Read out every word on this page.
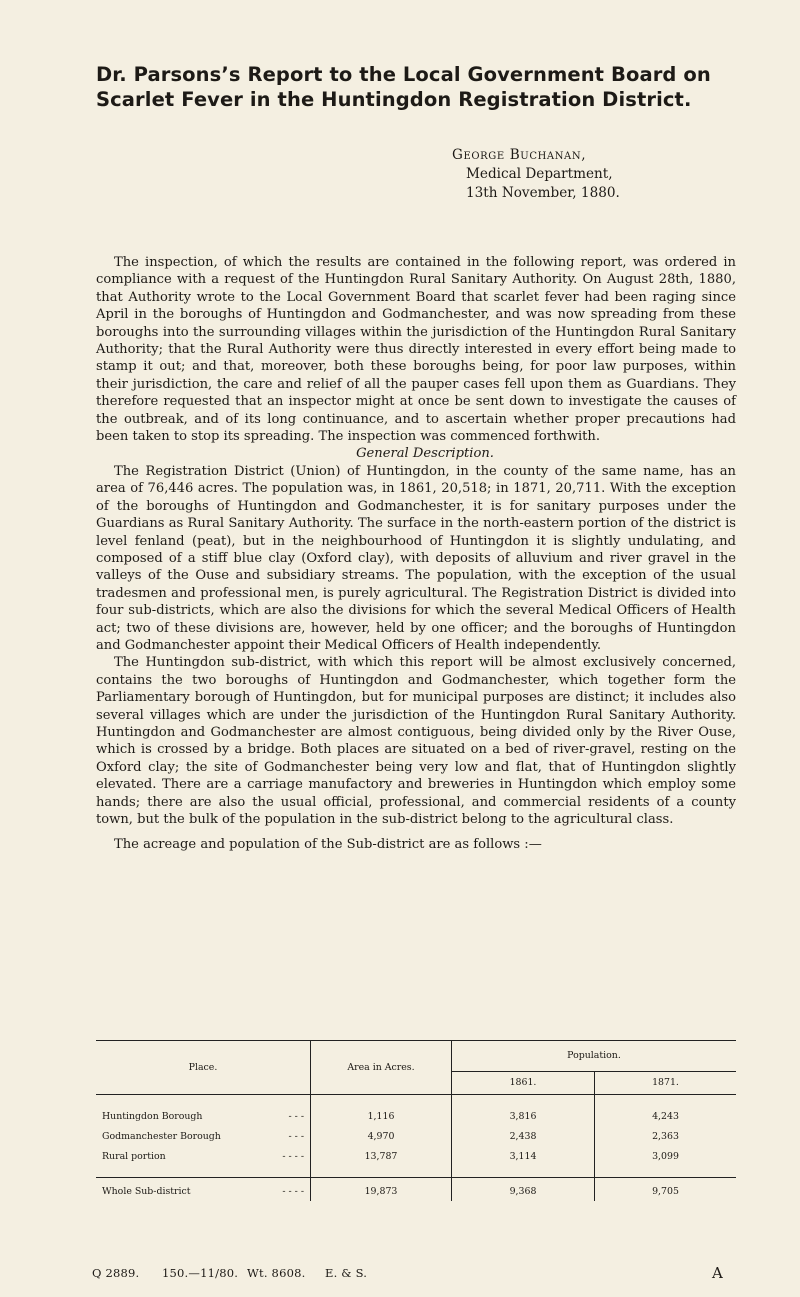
Dr. Parsons’s Report to the Local Government Board on
Scarlet Fever in the Huntingdon Registration District.
George Buchanan,
Medical Department,
13th November, 1880.

The inspection, of which the results are contained in the following report, was ordered in compliance with a request of the Huntingdon Rural Sanitary Authority. On August 28th, 1880, that Authority wrote to the Local Government Board that scarlet fever had been raging since April in the boroughs of Huntingdon and Godmanchester, and was now spreading from these boroughs into the surrounding villages within the jurisdiction of the Huntingdon Rural Sanitary Authority; that the Rural Authority were thus directly interested in every effort being made to stamp it out; and that, moreover, both these boroughs being, for poor law purposes, within their jurisdiction, the care and relief of all the pauper cases fell upon them as Guardians. They therefore requested that an inspector might at once be sent down to investigate the causes of the outbreak, and of its long continuance, and to ascertain whether proper precautions had been taken to stop its spreading. The inspection was commenced forthwith.

General Description.

The Registration District (Union) of Huntingdon, in the county of the same name, has an area of 76,446 acres. The population was, in 1861, 20,518; in 1871, 20,711. With the exception of the boroughs of Huntingdon and Godmanchester, it is for sanitary purposes under the Guardians as Rural Sanitary Authority. The surface in the north-eastern portion of the district is level fenland (peat), but in the neighbourhood of Huntingdon it is slightly undulating, and composed of a stiff blue clay (Oxford clay), with deposits of alluvium and river gravel in the valleys of the Ouse and subsidiary streams. The population, with the exception of the usual tradesmen and professional men, is purely agricultural. The Registration District is divided into four sub-districts, which are also the divisions for which the several Medical Officers of Health act; two of these divisions are, however, held by one officer; and the boroughs of Huntingdon and Godmanchester appoint their Medical Officers of Health independently.

The Huntingdon sub-district, with which this report will be almost exclusively concerned, contains the two boroughs of Huntingdon and Godmanchester, which together form the Parliamentary borough of Huntingdon, but for municipal purposes are distinct; it includes also several villages which are under the jurisdiction of the Huntingdon Rural Sanitary Authority. Huntingdon and Godmanchester are almost contiguous, being divided only by the River Ouse, which is crossed by a bridge. Both places are situated on a bed of river-gravel, resting on the Oxford clay; the site of Godmanchester being very low and flat, that of Huntingdon slightly elevated. There are a carriage manufactory and breweries in Huntingdon which employ some hands; there are also the usual official, professional, and commercial residents of a county town, but the bulk of the population in the sub-district belong to the agricultural class.

The acreage and population of the Sub-district are as follows :—

Place.	Area in Acres.	Population.	
		1861.	1871.
Huntingdon Borough - - -	1,116	3,816	4,243
Godmanchester Borough - - -	4,970	2,438	2,363
Rural portion - - - -	13,787	3,114	3,099
Whole Sub-district - - - -	19,873	9,368	9,705
Q 2889. 150.—11/80. Wt. 8608. E. & S.	A
